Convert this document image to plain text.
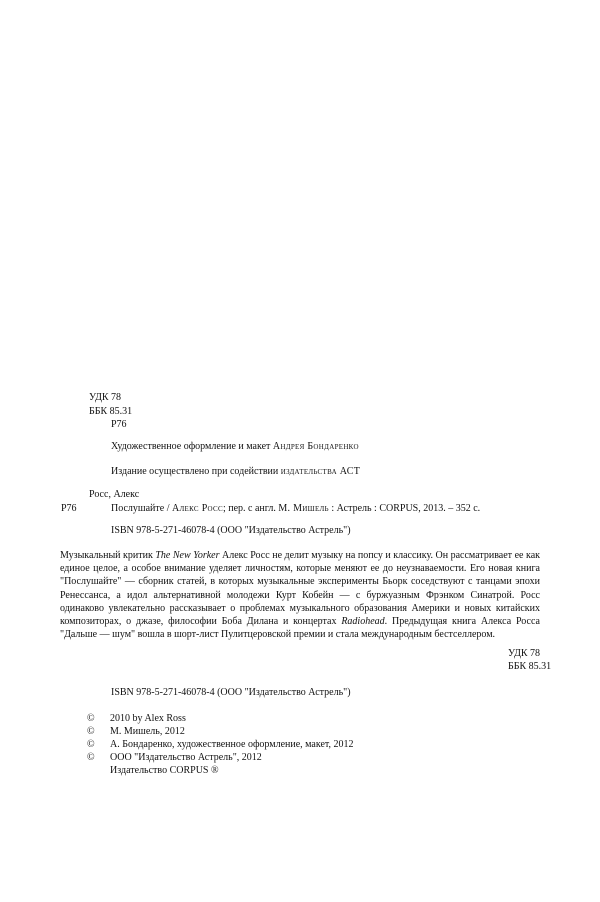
УДК 78
ББК 85.31
Р76
Художественное оформление и макет Андрея Бондаренко
Издание осуществлено при содействии издательства АСТ
Росс, Алекс
Р76	Послушайте / Алекс Росс; пер. с англ. М. Мишель : Астрель : CORPUS, 2013. – 352 с.
ISBN 978-5-271-46078-4 (ООО "Издательство Астрель")
Музыкальный критик The New Yorker Алекс Росс не делит музыку на попсу и классику. Он рассматривает ее как единое целое, а особое внимание уделяет личностям, которые меняют ее до неузнаваемости. Его новая книга "Послушайте" — сборник статей, в которых музыкальные эксперименты Бьорк соседствуют с танцами эпохи Ренессанса, а идол альтернативной молодежи Курт Кобейн — с буржуазным Фрэнком Синатрой. Росс одинаково увлекательно рассказывает о проблемах музыкального образования Америки и новых китайских композиторах, о джазе, философии Боба Дилана и концертах Radiohead. Предыдущая книга Алекса Росса "Дальше — шум" вошла в шорт-лист Пулитцеровской премии и стала международным бестселлером.
УДК 78
ББК 85.31
ISBN 978-5-271-46078-4 (ООО "Издательство Астрель")
© 2010 by Alex Ross
© М. Мишель, 2012
© А. Бондаренко, художественное оформление, макет, 2012
© ООО "Издательство Астрель", 2012
Издательство CORPUS ®
